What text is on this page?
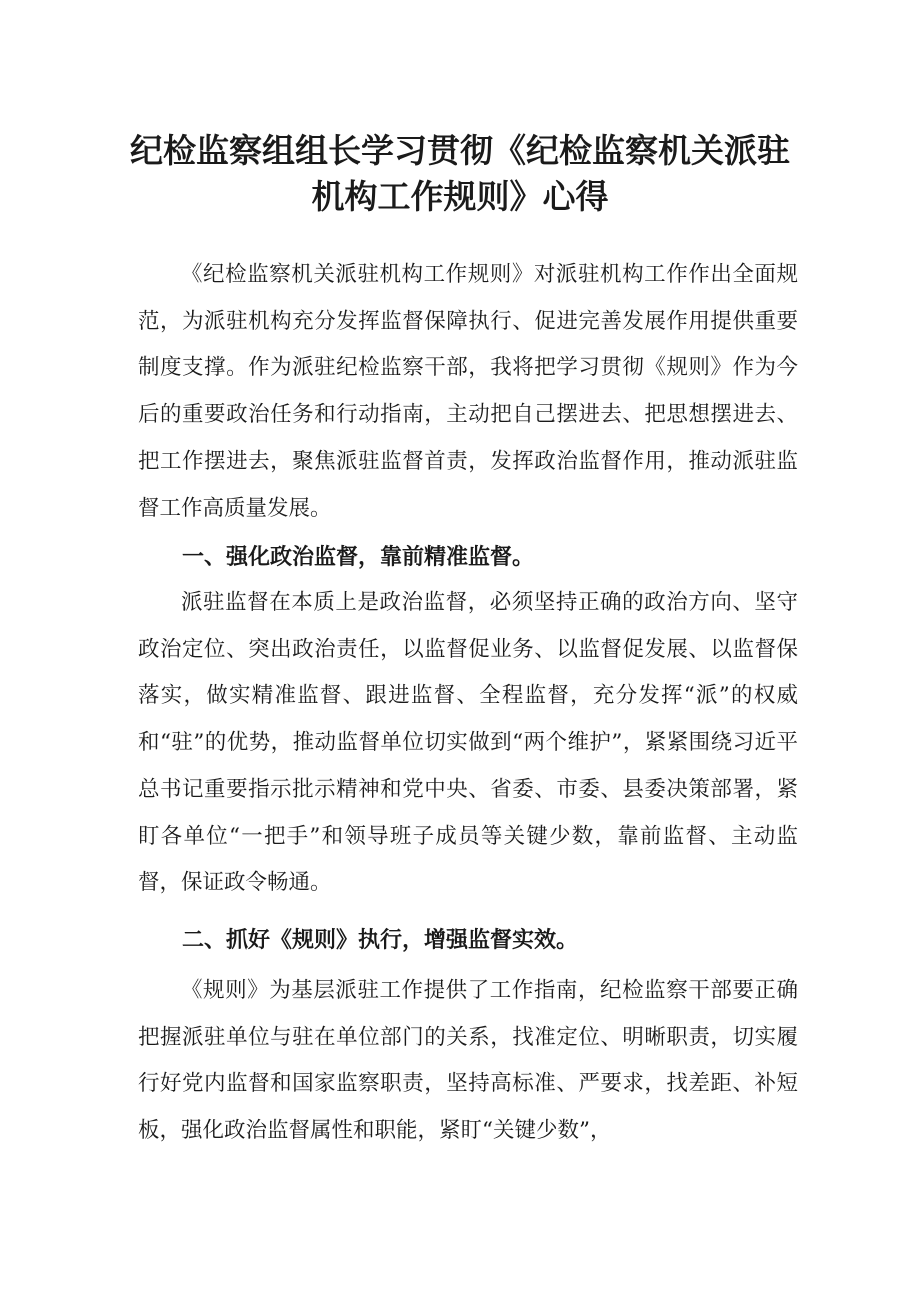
纪检监察组组长学习贯彻《纪检监察机关派驻
机构工作规则》心得

《纪检监察机关派驻机构工作规则》对派驻机构工作作出全面规范，为派驻机构充分发挥监督保障执行、促进完善发展作用提供重要制度支撑。作为派驻纪检监察干部，我将把学习贯彻《规则》作为今后的重要政治任务和行动指南，主动把自己摆进去、把思想摆进去、把工作摆进去，聚焦派驻监督首责，发挥政治监督作用，推动派驻监督工作高质量发展。

一、强化政治监督，靠前精准监督。

派驻监督在本质上是政治监督，必须坚持正确的政治方向、坚守政治定位、突出政治责任，以监督促业务、以监督促发展、以监督保落实，做实精准监督、跟进监督、全程监督，充分发挥“派”的权威和“驻”的优势，推动监督单位切实做到“两个维护”，紧紧围绕习近平总书记重要指示批示精神和党中央、省委、市委、县委决策部署，紧盯各单位“一把手”和领导班子成员等关键少数，靠前监督、主动监督，保证政令畅通。

二、抓好《规则》执行，增强监督实效。

《规则》为基层派驻工作提供了工作指南，纪检监察干部要正确把握派驻单位与驻在单位部门的关系，找准定位、明晰职责，切实履行好党内监督和国家监察职责，坚持高标准、严要求，找差距、补短板，强化政治监督属性和职能，紧盯“关键少数”，
